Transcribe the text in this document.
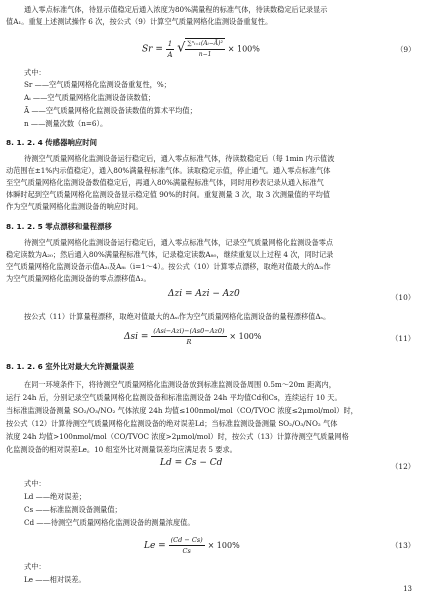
通入零点标准气体，待显示值稳定后通入浓度为80%满量程的标准气体，待读数稳定后记录显示
值A₁。重复上述测试操作 6 次，按公式（9）计算空气质量网格化监测设备重复性。
$Sr = \frac{1}{A}$ √ $\frac{\text{∑ⁿᵢ₌₁(Aᵢ−Ā)²}}{n-1} \times 100\%$	（9）
式中：
Sr ——空气质量网格化监测设备重复性，%；
Aᵢ ——空气质量网格化监测设备读数值；
Ā ——空气质量网格化监测设备读数值的算术平均值；
n ——测量次数（n=6）。
8. 1. 2. 4 传感器响应时间
待测空气质量网格化监测设备运行稳定后，通入零点标准气体，待读数稳定后（每 1min 内示值波
动范围在±1%内示值稳定），通入80%满量程标准气体。读取稳定示值，停止通气。通入零点标准气体
至空气质量网格化监测设备数值稳定后，再通入80%满量程标准气体，同时用秒表记录从通入标准气
体瞬时起到空气质量网格化监测设备显示稳定值 90%的时间。重复测量 3 次，取 3 次测量值的平均值
作为空气质量网格化监测设备的响应时间。
8. 1. 2. 5 零点漂移和量程漂移
待测空气质量网格化监测设备运行稳定后，通入零点标准气体，记录空气质量网格化监测设备零点
稳定读数为A₂₀；然后通入80%满量程标准气体，记录稳定读数A₈₀，继续重复以上过程 4 次，同时记录
空气质量网格化监测设备示值A₂ᵢ及A₈ᵢ（i=1～4）。按公式（10）计算零点漂移，取绝对值最大的Δ₂ᵢ作
为空气质量网格化监测设备的零点漂移值Δ₂。
Δzi = Azi − Az0	（10）
按公式（11）计算量程漂移，取绝对值最大的Δₛᵢ作为空气质量网格化监测设备的量程漂移值Δₛ。
$\Delta si = \frac{\text{(Asi−Azi)−(As0−Az0)}}{R} \times 100\%$	（11）
8. 1. 2. 6 室外比对最大允许测量误差
在同一环境条件下，将待测空气质量网格化监测设备放到标准监测设备周围 0.5m～20m 距离内，
运行 24h 后，分别记录空气质量网格化监测设备和标准监测设备 24h 平均值Cd和Cs，连续运行 10 天。
当标准监测设备测量 SO₂/O₃/NO₂ 气体浓度 24h 均值≤100nmol/mol（CO/TVOC 浓度≤2μmol/mol）时，
按公式（12）计算待测空气质量网格化监测设备的绝对误差Ld；当标准监测设备测量 SO₂/O₃/NO₂ 气体
浓度 24h 均值>100nmol/mol（CO/TVOC 浓度>2μmol/mol）时，按公式（13）计算待测空气质量网格
化监测设备的相对误差Le。10 组室外比对测量误差均应满足表 5 要求。
Ld = Cs − Cd	（12）
式中：
Ld ——绝对误差；
Cs ——标准监测设备测量值；
Cd ——待测空气质量网格化监测设备的测量浓度值。
$Le = \frac{(Cd - Cs)}{Cs} \times 100\%$	（13）
式中：
Le ——相对误差。
13
